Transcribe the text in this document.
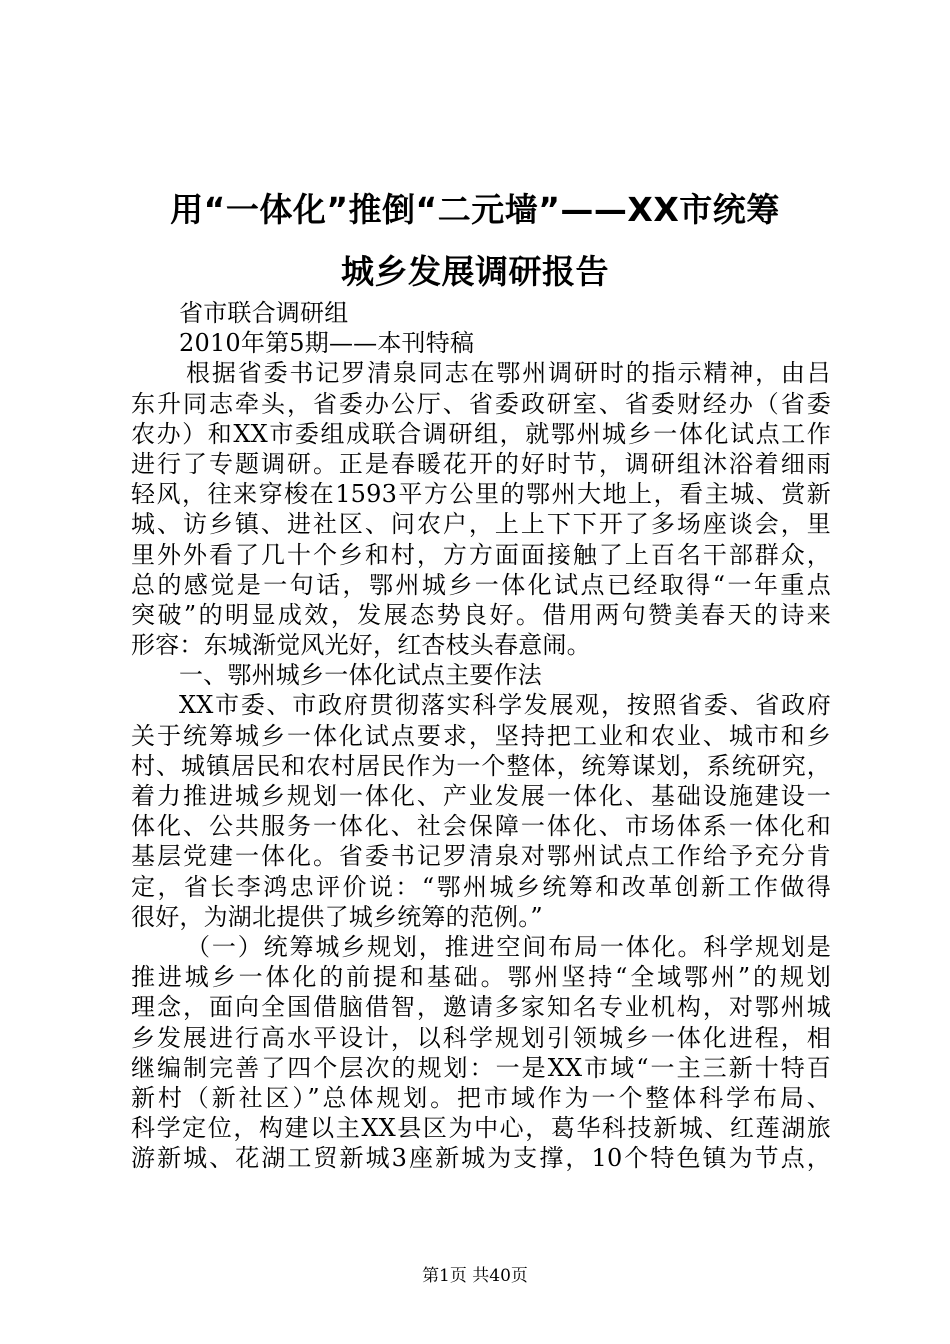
用“一体化”推倒“二元墙”——XX市统筹
城乡发展调研报告
省市联合调研组
2010年第5期——本刊特稿
根据省委书记罗清泉同志在鄂州调研时的指示精神，由吕
东升同志牵头，省委办公厅、省委政研室、省委财经办（省委
农办）和XX市委组成联合调研组，就鄂州城乡一体化试点工作
进行了专题调研。正是春暖花开的好时节，调研组沐浴着细雨
轻风，往来穿梭在1593平方公里的鄂州大地上，看主城、赏新
城、访乡镇、进社区、问农户，上上下下开了多场座谈会，里
里外外看了几十个乡和村，方方面面接触了上百名干部群众，
总的感觉是一句话，鄂州城乡一体化试点已经取得“一年重点
突破”的明显成效，发展态势良好。借用两句赞美春天的诗来
形容：东城渐觉风光好，红杏枝头春意闹。
一、鄂州城乡一体化试点主要作法
XX市委、市政府贯彻落实科学发展观，按照省委、省政府
关于统筹城乡一体化试点要求，坚持把工业和农业、城市和乡
村、城镇居民和农村居民作为一个整体，统筹谋划，系统研究，
着力推进城乡规划一体化、产业发展一体化、基础设施建设一
体化、公共服务一体化、社会保障一体化、市场体系一体化和
基层党建一体化。省委书记罗清泉对鄂州试点工作给予充分肯
定，省长李鸿忠评价说：“鄂州城乡统筹和改革创新工作做得
很好，为湖北提供了城乡统筹的范例。”
（一）统筹城乡规划，推进空间布局一体化。科学规划是
推进城乡一体化的前提和基础。鄂州坚持“全域鄂州”的规划
理念，面向全国借脑借智，邀请多家知名专业机构，对鄂州城
乡发展进行高水平设计，以科学规划引领城乡一体化进程，相
继编制完善了四个层次的规划：一是XX市域“一主三新十特百
新村（新社区）”总体规划。把市域作为一个整体科学布局、
科学定位，构建以主XX县区为中心，葛华科技新城、红莲湖旅
游新城、花湖工贸新城3座新城为支撑，10个特色镇为节点，
第1页 共40页
